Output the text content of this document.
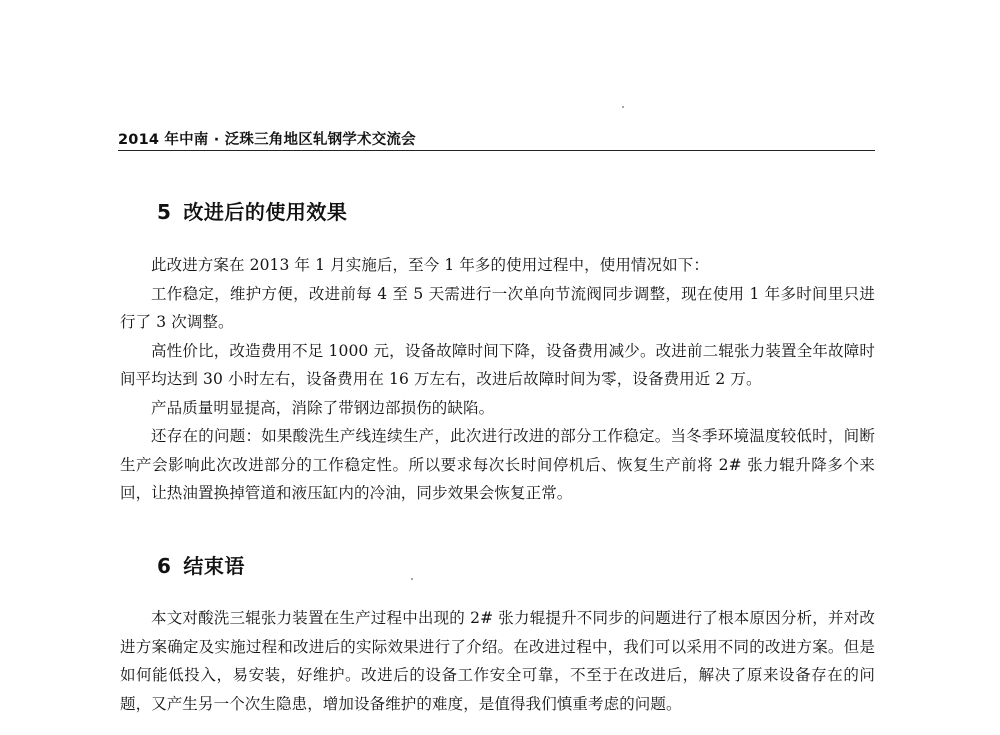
2014 年中南 · 泛珠三角地区轧钢学术交流会
5 改进后的使用效果

此改进方案在 2013 年 1 月实施后，至今 1 年多的使用过程中，使用情况如下：

工作稳定，维护方便，改进前每 4 至 5 天需进行一次单向节流阀同步调整，现在使用 1 年多时间里只进行了 3 次调整。

高性价比，改造费用不足 1000 元，设备故障时间下降，设备费用减少。改进前二辊张力装置全年故障时间平均达到 30 小时左右，设备费用在 16 万左右，改进后故障时间为零，设备费用近 2 万。

产品质量明显提高，消除了带钢边部损伤的缺陷。

还存在的问题：如果酸洗生产线连续生产，此次进行改进的部分工作稳定。当冬季环境温度较低时，间断生产会影响此次改进部分的工作稳定性。所以要求每次长时间停机后、恢复生产前将 2# 张力辊升降多个来回，让热油置换掉管道和液压缸内的冷油，同步效果会恢复正常。

6 结束语

本文对酸洗三辊张力装置在生产过程中出现的 2# 张力辊提升不同步的问题进行了根本原因分析，并对改进方案确定及实施过程和改进后的实际效果进行了介绍。在改进过程中，我们可以采用不同的改进方案。但是如何能低投入，易安装，好维护。改进后的设备工作安全可靠，不至于在改进后，解决了原来设备存在的问题，又产生另一个次生隐患，增加设备维护的难度，是值得我们慎重考虑的问题。
